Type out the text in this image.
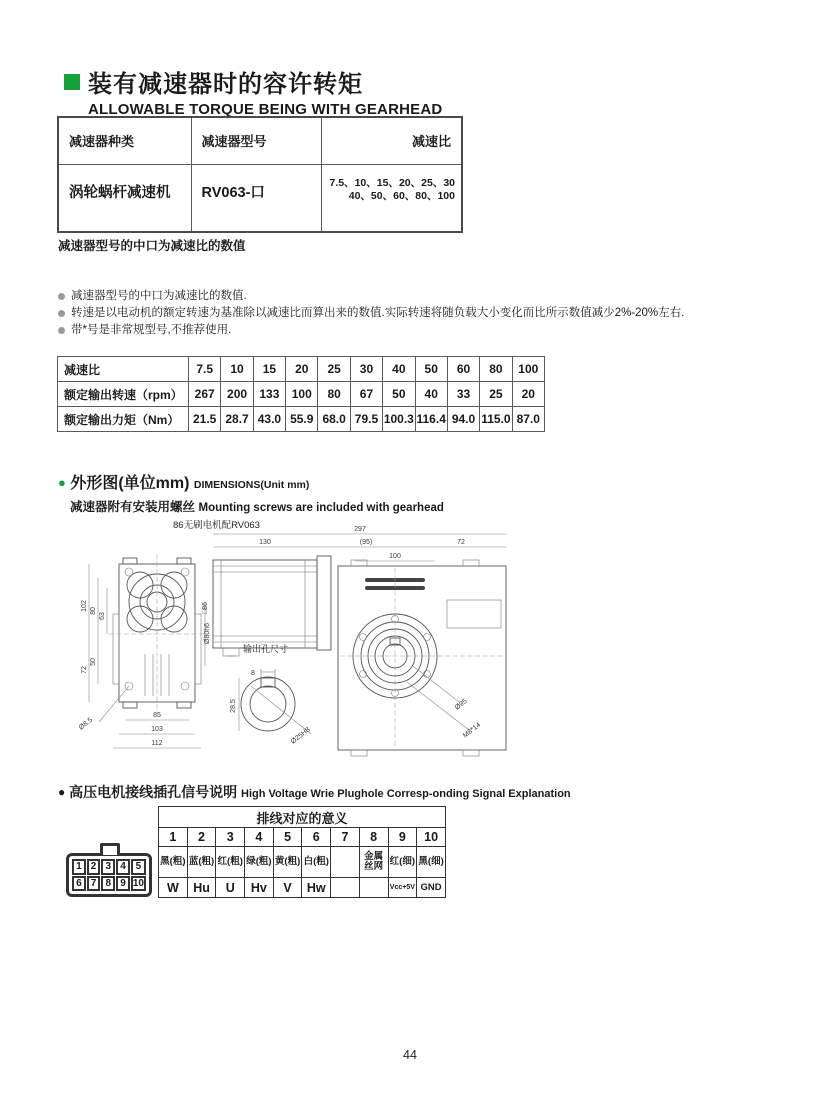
装有减速器时的容许转矩
ALLOWABLE TORQUE BEING WITH GEARHEAD
减速器种类	减速器型号	减速比
涡轮蜗杆减速机	RV063-口	7.5、10、15、20、25、30
40、50、60、80、100

减速器型号的中口为减速比的数值

减速器型号的中口为减速比的数值.
转速是以电动机的额定转速为基准除以减速比而算出来的数值.实际转速将随负载大小变化而比所示数值减少2%-20%左右.
带*号是非常规型号,不推荐使用.
减速比	7.5	10	15	20	25	30	40	50	60	80	100
额定输出转速（rpm）	267	200	133	100	80	67	50	40	33	25	20
额定输出力矩（Nm）	21.5	28.7	43.0	55.9	68.0	79.5	100.3	116.4	94.0	115.0	87.0
● 外形图(单位mm) DIMENSIONS(Unit mm)
减速器附有安装用螺丝 Mounting screws are included with gearhead
86无刷电机配RV063
102 80
63
72
50
85
103
112
Ø8.5
Ø80h6
□86
297
130	(95)	72
100
Ø95
M8*14
输出孔尺寸
8
28.5
Ø25H8
● 高压电机接线插孔信号说明 High Voltage Wrie Plughole Corresp-onding Signal Explanation
1 2 3 4 5
6 7 8 9 10
排线对应的意义									
1	2	3	4	5	6	7	8	9	10
黑(粗)	蓝(粗)	红(粗)	绿(粗)	黄(粗)	白(粗)		金属丝网	红(细)	黑(细)
W	Hu	U	Hv	V	Hw			Vcc+5V	GND
44
